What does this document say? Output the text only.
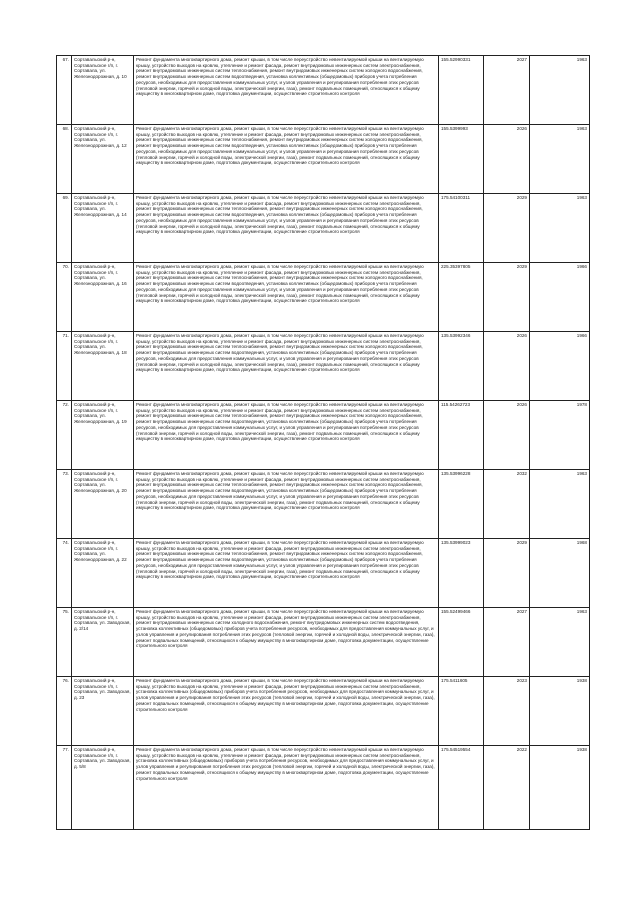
67.	Сортавальский р-н, Сортавальское г/п, г. Сортавала, ул. Железнодорожная, д. 10	Ремонт фундамента многоквартирного дома, ремонт крыши, в том числе переустройство невентилируемой крыши на вентилируемую крышу, устройство выходов на кровлю, утепление и ремонт фасада, ремонт внутридомовых инженерных систем электроснабжения, ремонт внутридомовых инженерных систем теплоснабжения, ремонт внутридомовых инженерных систем холодного водоснабжения, ремонт внутридомовых инженерных систем водоотведения, установка коллективных (общедомовых) приборов учета потребления ресурсов, необходимых для предоставления коммунальных услуг, и узлов управления и регулирования потребления этих ресурсов (тепловой энергии, горячей и холодной воды, электрической энергии, газа), ремонт подвальных помещений, относящихся к общему имуществу в многоквартирном доме, подготовка документации, осуществление строительного контроля	155.52990331	2027	1963
68.	Сортавальский р-н, Сортавальское г/п, г. Сортавала, ул. Железнодорожная, д. 12	Ремонт фундамента многоквартирного дома, ремонт крыши, в том числе переустройство невентилируемой крыши на вентилируемую крышу, устройство выходов на кровлю, утепление и ремонт фасада, ремонт внутридомовых инженерных систем электроснабжения, ремонт внутридомовых инженерных систем теплоснабжения, ремонт внутридомовых инженерных систем холодного водоснабжения, ремонт внутридомовых инженерных систем водоотведения, установка коллективных (общедомовых) приборов учета потребления ресурсов, необходимых для предоставления коммунальных услуг, и узлов управления и регулирования потребления этих ресурсов (тепловой энергии, горячей и холодной воды, электрической энергии, газа), ремонт подвальных помещений, относящихся к общему имуществу в многоквартирном доме, подготовка документации, осуществление строительного контроля	155.5399993	2026	1963
69.	Сортавальский р-н, Сортавальское г/п, г. Сортавала, ул. Железнодорожная, д. 14	Ремонт фундамента многоквартирного дома, ремонт крыши, в том числе переустройство невентилируемой крыши на вентилируемую крышу, устройство выходов на кровлю, утепление и ремонт фасада, ремонт внутридомовых инженерных систем электроснабжения, ремонт внутридомовых инженерных систем теплоснабжения, ремонт внутридомовых инженерных систем холодного водоснабжения, ремонт внутридомовых инженерных систем водоотведения, установка коллективных (общедомовых) приборов учета потребления ресурсов, необходимых для предоставления коммунальных услуг, и узлов управления и регулирования потребления этих ресурсов (тепловой энергии, горячей и холодной воды, электрической энергии, газа), ремонт подвальных помещений, относящихся к общему имуществу в многоквартирном доме, подготовка документации, осуществление строительного контроля	175.54100311	2029	1963
70.	Сортавальский р-н, Сортавальское г/п, г. Сортавала, ул. Железнодорожная, д. 16	Ремонт фундамента многоквартирного дома, ремонт крыши, в том числе переустройство невентилируемой крыши на вентилируемую крышу, устройство выходов на кровлю, утепление и ремонт фасада, ремонт внутридомовых инженерных систем электроснабжения, ремонт внутридомовых инженерных систем теплоснабжения, ремонт внутридомовых инженерных систем холодного водоснабжения, ремонт внутридомовых инженерных систем водоотведения, установка коллективных (общедомовых) приборов учета потребления ресурсов, необходимых для предоставления коммунальных услуг, и узлов управления и регулирования потребления этих ресурсов (тепловой энергии, горячей и холодной воды, электрической энергии, газа), ремонт подвальных помещений, относящихся к общему имуществу в многоквартирном доме, подготовка документации, осуществление строительного контроля	225.35397805	2029	1966
71.	Сортавальский р-н, Сортавальское г/п, г. Сортавала, ул. Железнодорожная, д. 18	Ремонт фундамента многоквартирного дома, ремонт крыши, в том числе переустройство невентилируемой крыши на вентилируемую крышу, устройство выходов на кровлю, утепление и ремонт фасада, ремонт внутридомовых инженерных систем электроснабжения, ремонт внутридомовых инженерных систем теплоснабжения, ремонт внутридомовых инженерных систем холодного водоснабжения, ремонт внутридомовых инженерных систем водоотведения, установка коллективных (общедомовых) приборов учета потребления ресурсов, необходимых для предоставления коммунальных услуг, и узлов управления и регулирования потребления этих ресурсов (тепловой энергии, горячей и холодной воды, электрической энергии, газа), ремонт подвальных помещений, относящихся к общему имуществу в многоквартирном доме, подготовка документации, осуществление строительного контроля	135.53992346	2026	1966
72.	Сортавальский р-н, Сортавальское г/п, г. Сортавала, ул. Железнодорожная, д. 19	Ремонт фундамента многоквартирного дома, ремонт крыши, в том числе переустройство невентилируемой крыши на вентилируемую крышу, устройство выходов на кровлю, утепление и ремонт фасада, ремонт внутридомовых инженерных систем электроснабжения, ремонт внутридомовых инженерных систем теплоснабжения, ремонт внутридомовых инженерных систем холодного водоснабжения, ремонт внутридомовых инженерных систем водоотведения, установка коллективных (общедомовых) приборов учета потребления ресурсов, необходимых для предоставления коммунальных услуг, и узлов управления и регулирования потребления этих ресурсов (тепловой энергии, горячей и холодной воды, электрической энергии, газа), ремонт подвальных помещений, относящихся к общему имуществу в многоквартирном доме, подготовка документации, осуществление строительного контроля	115.54262723	2026	1978
73.	Сортавальский р-н, Сортавальское г/п, г. Сортавала, ул. Железнодорожная, д. 20	Ремонт фундамента многоквартирного дома, ремонт крыши, в том числе переустройство невентилируемой крыши на вентилируемую крышу, устройство выходов на кровлю, утепление и ремонт фасада, ремонт внутридомовых инженерных систем электроснабжения, ремонт внутридомовых инженерных систем теплоснабжения, ремонт внутридомовых инженерных систем холодного водоснабжения, ремонт внутридомовых инженерных систем водоотведения, установка коллективных (общедомовых) приборов учета потребления ресурсов, необходимых для предоставления коммунальных услуг, и узлов управления и регулирования потребления этих ресурсов (тепловой энергии, горячей и холодной воды, электрической энергии, газа), ремонт подвальных помещений, относящихся к общему имуществу в многоквартирном доме, подготовка документации, осуществление строительного контроля	135.53996228	2032	1963
74.	Сортавальский р-н, Сортавальское г/п, г. Сортавала, ул. Железнодорожная, д. 22	Ремонт фундамента многоквартирного дома, ремонт крыши, в том числе переустройство невентилируемой крыши на вентилируемую крышу, устройство выходов на кровлю, утепление и ремонт фасада, ремонт внутридомовых инженерных систем электроснабжения, ремонт внутридомовых инженерных систем теплоснабжения, ремонт внутридомовых инженерных систем холодного водоснабжения, ремонт внутридомовых инженерных систем водоотведения, установка коллективных (общедомовых) приборов учета потребления ресурсов, необходимых для предоставления коммунальных услуг, и узлов управления и регулирования потребления этих ресурсов (тепловой энергии, горячей и холодной воды, электрической энергии, газа), ремонт подвальных помещений, относящихся к общему имуществу в многоквартирном доме, подготовка документации, осуществление строительного контроля	135.53999023	2029	1968
75.	Сортавальский р-н, Сортавальское г/п, г. Сортавала, ул. Заводская, д. 2/14	Ремонт фундамента многоквартирного дома, ремонт крыши, в том числе переустройство невентилируемой крыши на вентилируемую крышу, устройство выходов на кровлю, утепление и ремонт фасада, ремонт внутридомовых инженерных систем электроснабжения, ремонт внутридомовых инженерных систем холодного водоснабжения, ремонт внутридомовых инженерных систем водоотведения, установка коллективных (общедомовых) приборов учета потребления ресурсов, необходимых для предоставления коммунальных услуг, и узлов управления и регулирования потребления этих ресурсов (тепловой энергии, горячей и холодной воды, электрической энергии, газа), ремонт подвальных помещений, относящихся к общему имуществу в многоквартирном доме, подготовка документации, осуществление строительного контроля	155.52499466	2027	1963
76.	Сортавальский р-н, Сортавальское г/п, г. Сортавала, ул. Заводская, д. 23	Ремонт фундамента многоквартирного дома, ремонт крыши, в том числе переустройство невентилируемой крыши на вентилируемую крышу, устройство выходов на кровлю, утепление и ремонт фасада, ремонт внутридомовых инженерных систем электроснабжения, установка коллективных (общедомовых) приборов учета потребления ресурсов, необходимых для предоставления коммунальных услуг, и узлов управления и регулирования потребления этих ресурсов (тепловой энергии, горячей и холодной воды, электрической энергии, газа), ремонт подвальных помещений, относящихся к общему имуществу в многоквартирном доме, подготовка документации, осуществление строительного контроля	175.5411605	2023	1938
77.	Сортавальский р-н, Сортавальское г/п, г. Сортавала, ул. Заводская, д. 5/8	Ремонт фундамента многоквартирного дома, ремонт крыши, в том числе переустройство невентилируемой крыши на вентилируемую крышу, устройство выходов на кровлю, утепление и ремонт фасада, ремонт внутридомовых инженерных систем электроснабжения, установка коллективных (общедомовых) приборов учета потребления ресурсов, необходимых для предоставления коммунальных услуг, и узлов управления и регулирования потребления этих ресурсов (тепловой энергии, горячей и холодной воды, электрической энергии, газа), ремонт подвальных помещений, относящихся к общему имуществу в многоквартирном доме, подготовка документации, осуществление строительного контроля	175.54519554	2022	1938
